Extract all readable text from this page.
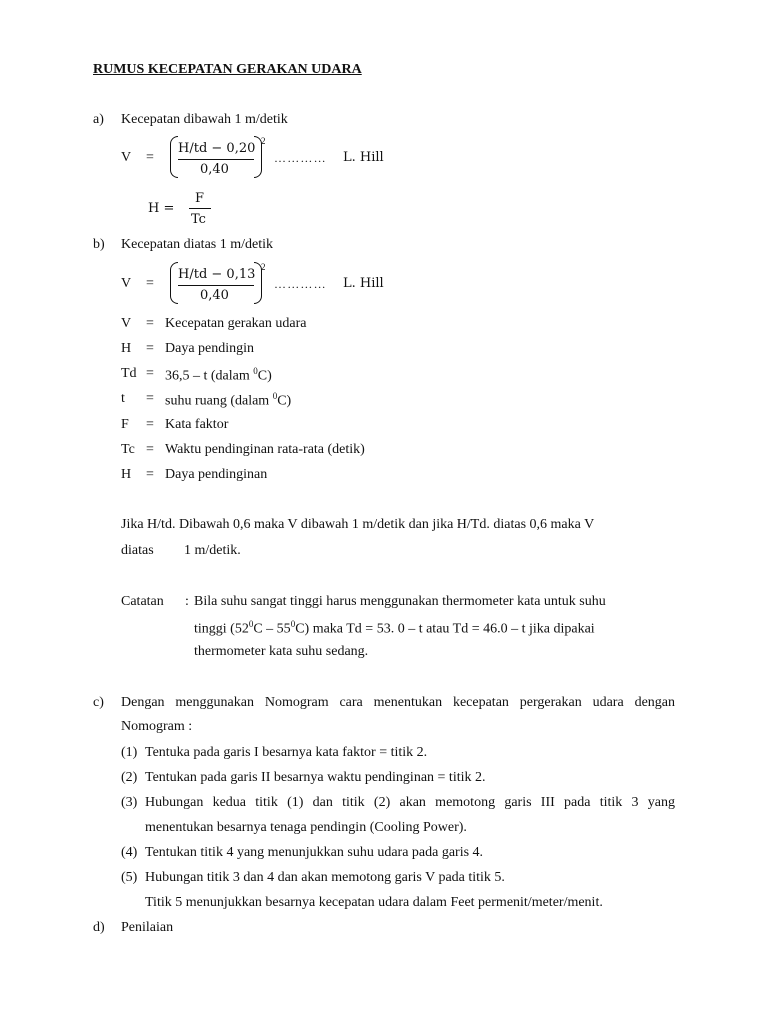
RUMUS KECEPATAN GERAKAN UDARA
a) Kecepatan dibawah 1 m/detik
V =
H/td − 0,20
0,40
2
………… L. Hill
H =
F
Tc
b) Kecepatan diatas 1 m/detik
V =
H/td − 0,13
0,40
2
………… L. Hill
V = Kecepatan gerakan udara
H = Daya pendingin
Td = 36,5 – t (dalam $^0$C)
t = suhu ruang (dalam $^0$C)
F = Kata faktor
Tc = Waktu pendinginan rata-rata (detik)
H = Daya pendinginan
Jika H/td. Dibawah 0,6 maka V dibawah 1 m/detik dan jika H/Td. diatas 0,6 maka V
diatas 1 m/detik.
Catatan : Bila suhu sangat tinggi harus menggunakan thermometer kata untuk suhu
tinggi $(52^0C - 55^0C)$ maka Td = 53. 0 – t atau Td = 46.0 – t jika dipakai
thermometer kata suhu sedang.
c) Dengan menggunakan Nomogram cara menentukan kecepatan pergerakan udara dengan
Nomogram :
(1) Tentuka pada garis I besarnya kata faktor = titik 2.
(2) Tentukan pada garis II besarnya waktu pendinginan = titik 2.
(3) Hubungan kedua titik (1) dan titik (2) akan memotong garis III pada titik 3 yang
menentukan besarnya tenaga pendingin (Cooling Power).
(4) Tentukan titik 4 yang menunjukkan suhu udara pada garis 4.
(5) Hubungan titik 3 dan 4 dan akan memotong garis V pada titik 5.
Titik 5 menunjukkan besarnya kecepatan udara dalam Feet permenit/meter/menit.
d) Penilaian
